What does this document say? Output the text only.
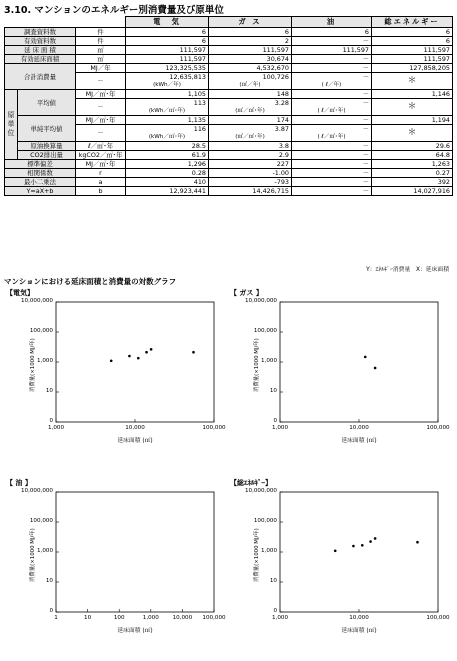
3.10. マンションのエネルギー別消費量及び原単位
			電　気	ガ ス	油	総エネルギー
調査資料数		件	6	6	6	6
有効資料数		件	6	2	－	6
延 床 面 積		㎡	111,597	111,597	111,597	111,597
有効延床面積		㎡	111,597	30,674	－	111,597
合計消費量		MJ／年	123,325,535	4,532,670	－	127,858,205
		－	12,635,813	100,726	－	＊
			(kWh／年)	(㎥／年)	( ℓ／年)	
原単位	平均値	MJ／㎡･年	1,105	148	－	1,146
		－	113	3.28	－	＊
			(kWh／㎡･年)	(㎥／㎡･年)	( ℓ／㎡･年)	
	単純平均値	MJ／㎡･年	1,135	174	－	1,194
		－	116	3.87	－	＊
			(kWh／㎡･年)	(㎥／㎡･年)	( ℓ／㎡･年)	
	原油換算量	ℓ／㎡･年	28.5	3.8	－	29.6
	CO2排出量	kgCO2／㎡･年	61.9	2.9	－	64.8
標準偏差		MJ／㎡･年	1,296	227	－	1,263
相関係数		r	0.28	-1.00	－	0.27
最小二乗法		a	410	-793	－	392
Y=aX+b		b	12,923,441	14,426,715	－	14,027,916
Y：ｴﾈﾙｷﾞｰ消費量　X：延床面積
マンションにおける延床面積と消費量の対数グラフ
【電気】
10,000,000
100,000
1,000
10
0
1,000	10,000	100,000
消費量(×1000 MJ/年)
延床面積 (㎡)
【 ガス 】
10,000,000
100,000
1,000
10
0
1,000	10,000	100,000
消費量(×1000 MJ/年)
延床面積 (㎡)
【 油 】
10,000,000
100,000
1,000
10
0
1	10	100	1,000 10,000 100,000
消費量(×1000 MJ/年)
延床面積 (㎡)
【総ｴﾈﾙｷﾞｰ】
10,000,000
100,000
1,000
10
0
1,000	10,000	100,000
消費量(×1000 MJ/年)
延床面積 (㎡)
